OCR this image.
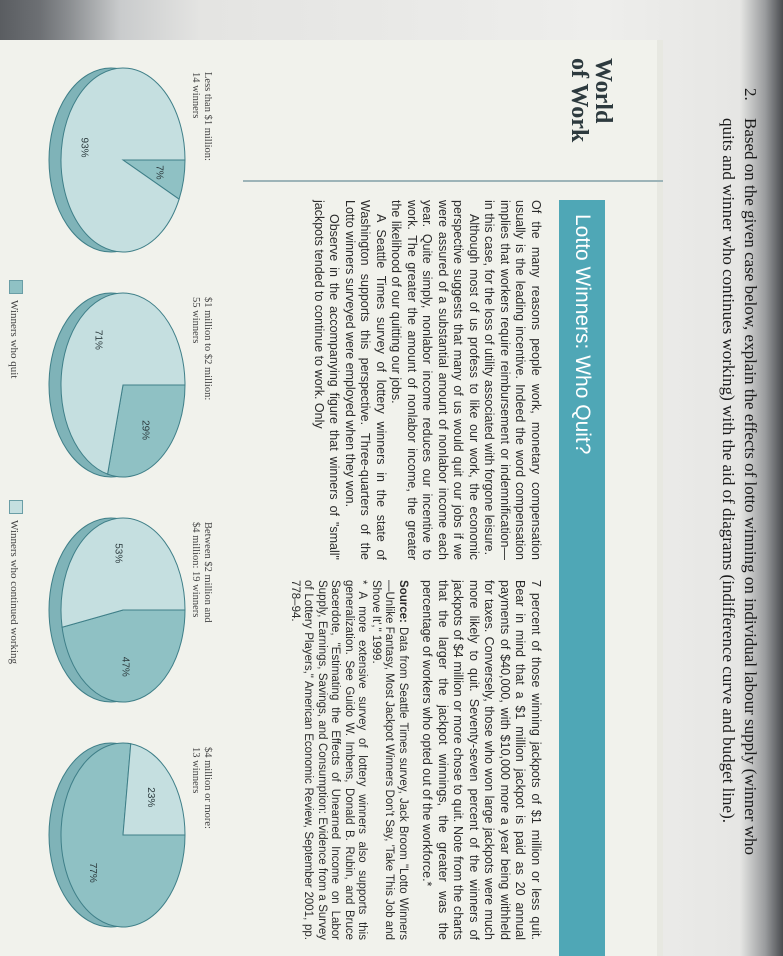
2.
Based on the given case below, explain the effects of lotto winning on individual labour supply (winner who quits and winner who continues working) with the aid of diagrams (indifference curve and budget line).
World
of Work
Lotto Winners: Who Quit?

Of the many reasons people work, monetary compensation usually is the leading incentive. Indeed the word compensation implies that workers require reimbursement or indemnification—in this case, for the loss of utility associated with forgone leisure.

Although most of us profess to like our work, the economic perspective suggests that many of us would quit our jobs if we were assured of a substantial amount of nonlabor income each year. Quite simply, nonlabor income reduces our incentive to work. The greater the amount of nonlabor income, the greater the likelihood of our quitting our jobs.

A Seattle Times survey of lottery winners in the state of Washington supports this perspective. Three-quarters of the Lotto winners surveyed were employed when they won.

Observe in the accompanying figure that winners of "small" jackpots tended to continue to work. Only

7 percent of those winning jackpots of $1 million or less quit. Bear in mind that a $1 million jackpot is paid as 20 annual payments of $40,000, with $10,000 more a year being withheld for taxes. Conversely, those who won large jackpots were much more likely to quit. Seventy-seven percent of the winners of jackpots of $4 million or more chose to quit. Note from the charts that the larger the jackpot winnings, the greater was the percentage of workers who opted out of the workforce.*

Source: Data from Seattle Times survey, Jack Broom "Lotto Winners—Unlike Fantasy, Most Jackpot Winners Don't Say, 'Take This Job and Shove It'," 1999.

* A more extensive survey of lottery winners also supports this generalization. See Guido W. Imbens, Donald B. Rubin, and Bruce Sacerdote, "Estimating the Effects of Unearned Income on Labor Supply, Earnings, Savings, and Consumption: Evidence from a Survey of Lottery Players," American Economic Review, September 2001, pp. 778–94.

Less than $1 million:
14 winners
7%
93%
$1 million to $2 million:
55 winners
29%
71%
Between $2 million and
$4 million: 19 winners
47%
53%
$4 million or more:
13 winners
77%
23%
Winners who quit
Winners who continued working
